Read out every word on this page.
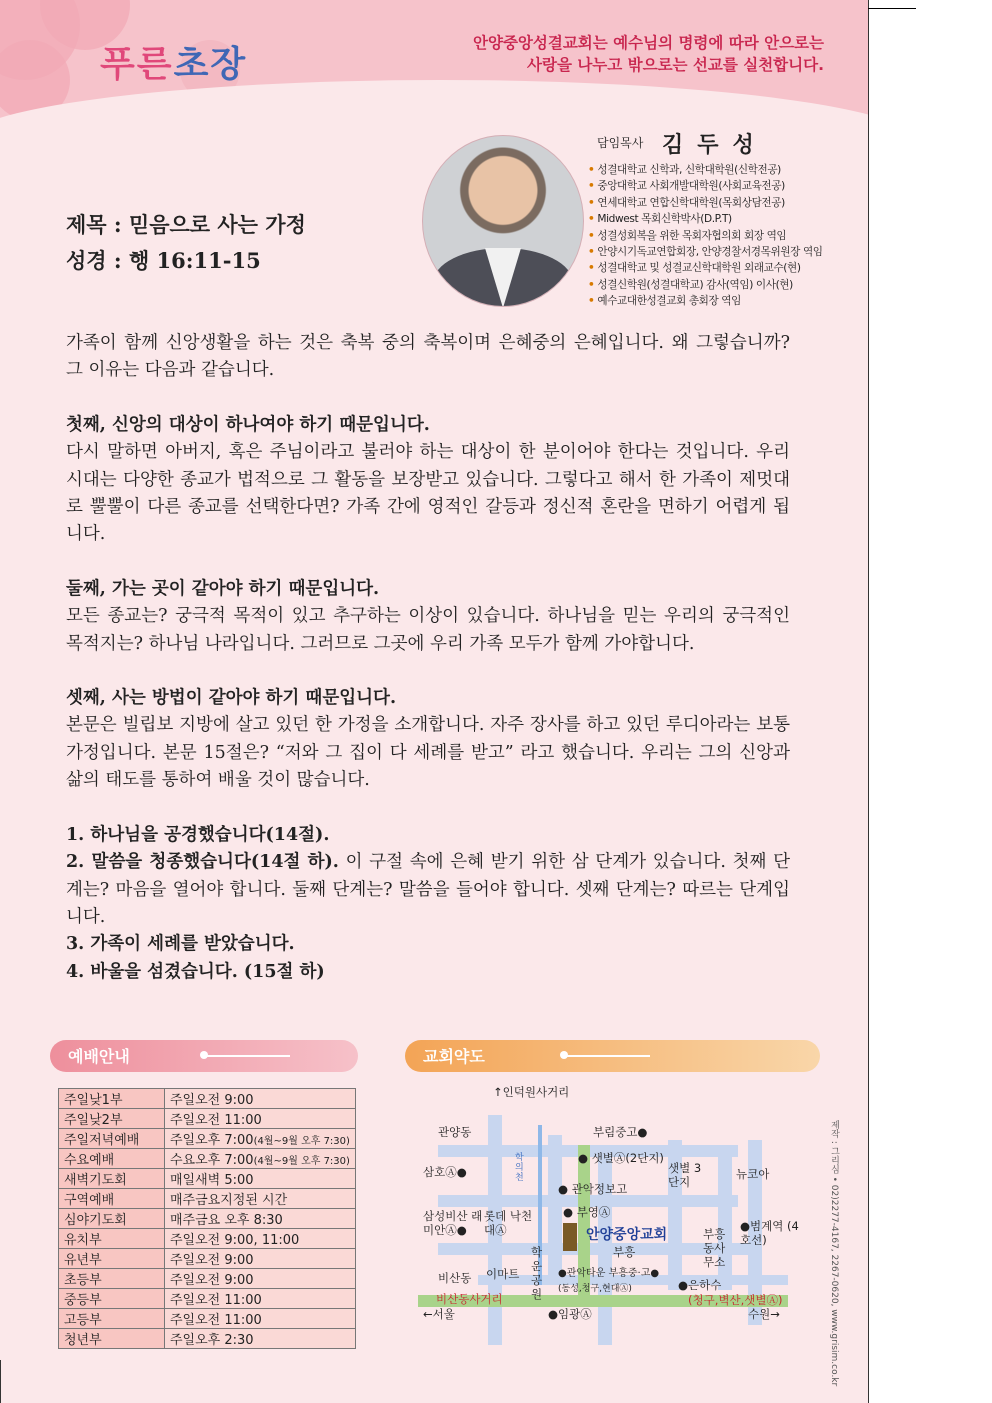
푸른초장
안양중앙성결교회는 예수님의 명령에 따라 안으로는
사랑을 나누고 밖으로는 선교를 실천합니다.
담임목사 김두성
• 성결대학교 신학과, 신학대학원(신학전공)
• 중앙대학교 사회개발대학원(사회교육전공)
• 연세대학교 연합신학대학원(목회상담전공)
• Midwest 목회신학박사(D.P.T)
• 성결성회복을 위한 목회자협의회 회장 역임
• 안양시기독교연합회장, 안양경찰서경목위원장 역임
• 성결대학교 및 성결교신학대학원 외래교수(현)
• 성결신학원(성결대학교) 감사(역임) 이사(현)
• 예수교대한성결교회 총회장 역임
제목 : 믿음으로 사는 가정
성경 : 행 16:11-15

가족이 함께 신앙생활을 하는 것은 축복 중의 축복이며 은혜중의 은혜입니다. 왜 그렇습니까? 그 이유는 다음과 같습니다.

첫째, 신앙의 대상이 하나여야 하기 때문입니다.

다시 말하면 아버지, 혹은 주님이라고 불러야 하는 대상이 한 분이어야 한다는 것입니다. 우리 시대는 다양한 종교가 법적으로 그 활동을 보장받고 있습니다. 그렇다고 해서 한 가족이 제멋대로 뿔뿔이 다른 종교를 선택한다면? 가족 간에 영적인 갈등과 정신적 혼란을 면하기 어렵게 됩니다.

둘째, 가는 곳이 같아야 하기 때문입니다.

모든 종교는? 궁극적 목적이 있고 추구하는 이상이 있습니다. 하나님을 믿는 우리의 궁극적인 목적지는? 하나님 나라입니다. 그러므로 그곳에 우리 가족 모두가 함께 가야합니다.

셋째, 사는 방법이 같아야 하기 때문입니다.

본문은 빌립보 지방에 살고 있던 한 가정을 소개합니다. 자주 장사를 하고 있던 루디아라는 보통 가정입니다. 본문 15절은? “저와 그 집이 다 세례를 받고” 라고 했습니다. 우리는 그의 신앙과 삶의 태도를 통하여 배울 것이 많습니다.

1. 하나님을 공경했습니다(14절).

2. 말씀을 청종했습니다(14절 하). 이 구절 속에 은혜 받기 위한 삼 단계가 있습니다. 첫째 단계는? 마음을 열어야 합니다. 둘째 단계는? 말씀을 들어야 합니다. 셋째 단계는? 따르는 단계입니다.

3. 가족이 세례를 받았습니다.

4. 바울을 섬겼습니다. (15절 하)

예배안내	교회약도
주일낮1부	주일오전 9:00
주일낮2부	주일오전 11:00
주일저녁예배	주일오후 7:00(4월~9월 오후 7:30)
수요예배	수요오후 7:00(4월~9월 오후 7:30)
새벽기도회	매일새벽 5:00
구역예배	매주금요지정된 시간
심야기도회	매주금요 오후 8:30
유치부	주일오전 9:00, 11:00
유년부	주일오전 9:00
초등부	주일오전 9:00
중등부	주일오전 11:00
고등부	주일오전 11:00
청년부	주일오후 2:30
↑인덕원사거리
관양동	부림중고●
● 샛별Ⓐ(2단지)
삼호Ⓐ●
학의천
샛별 3단지
뉴코아
● 관악정보고
삼성비산 래미안Ⓐ●
롯데 낙천대Ⓐ
● 부영Ⓐ
안양중앙교회
부흥
부흥 동사 무소
●범계역 (4호선)
학운 공원
비산동 이마트	●관악타운 부흥중·고●
(동성,청구,현대Ⓐ)	●은하수
비산동사거리	(청구,벽산,샛별Ⓐ)
←서울	●임광Ⓐ	수원→	제작 : 그리심 • 02)2277-4167, 2267-0620, www.grisim.co.kr
